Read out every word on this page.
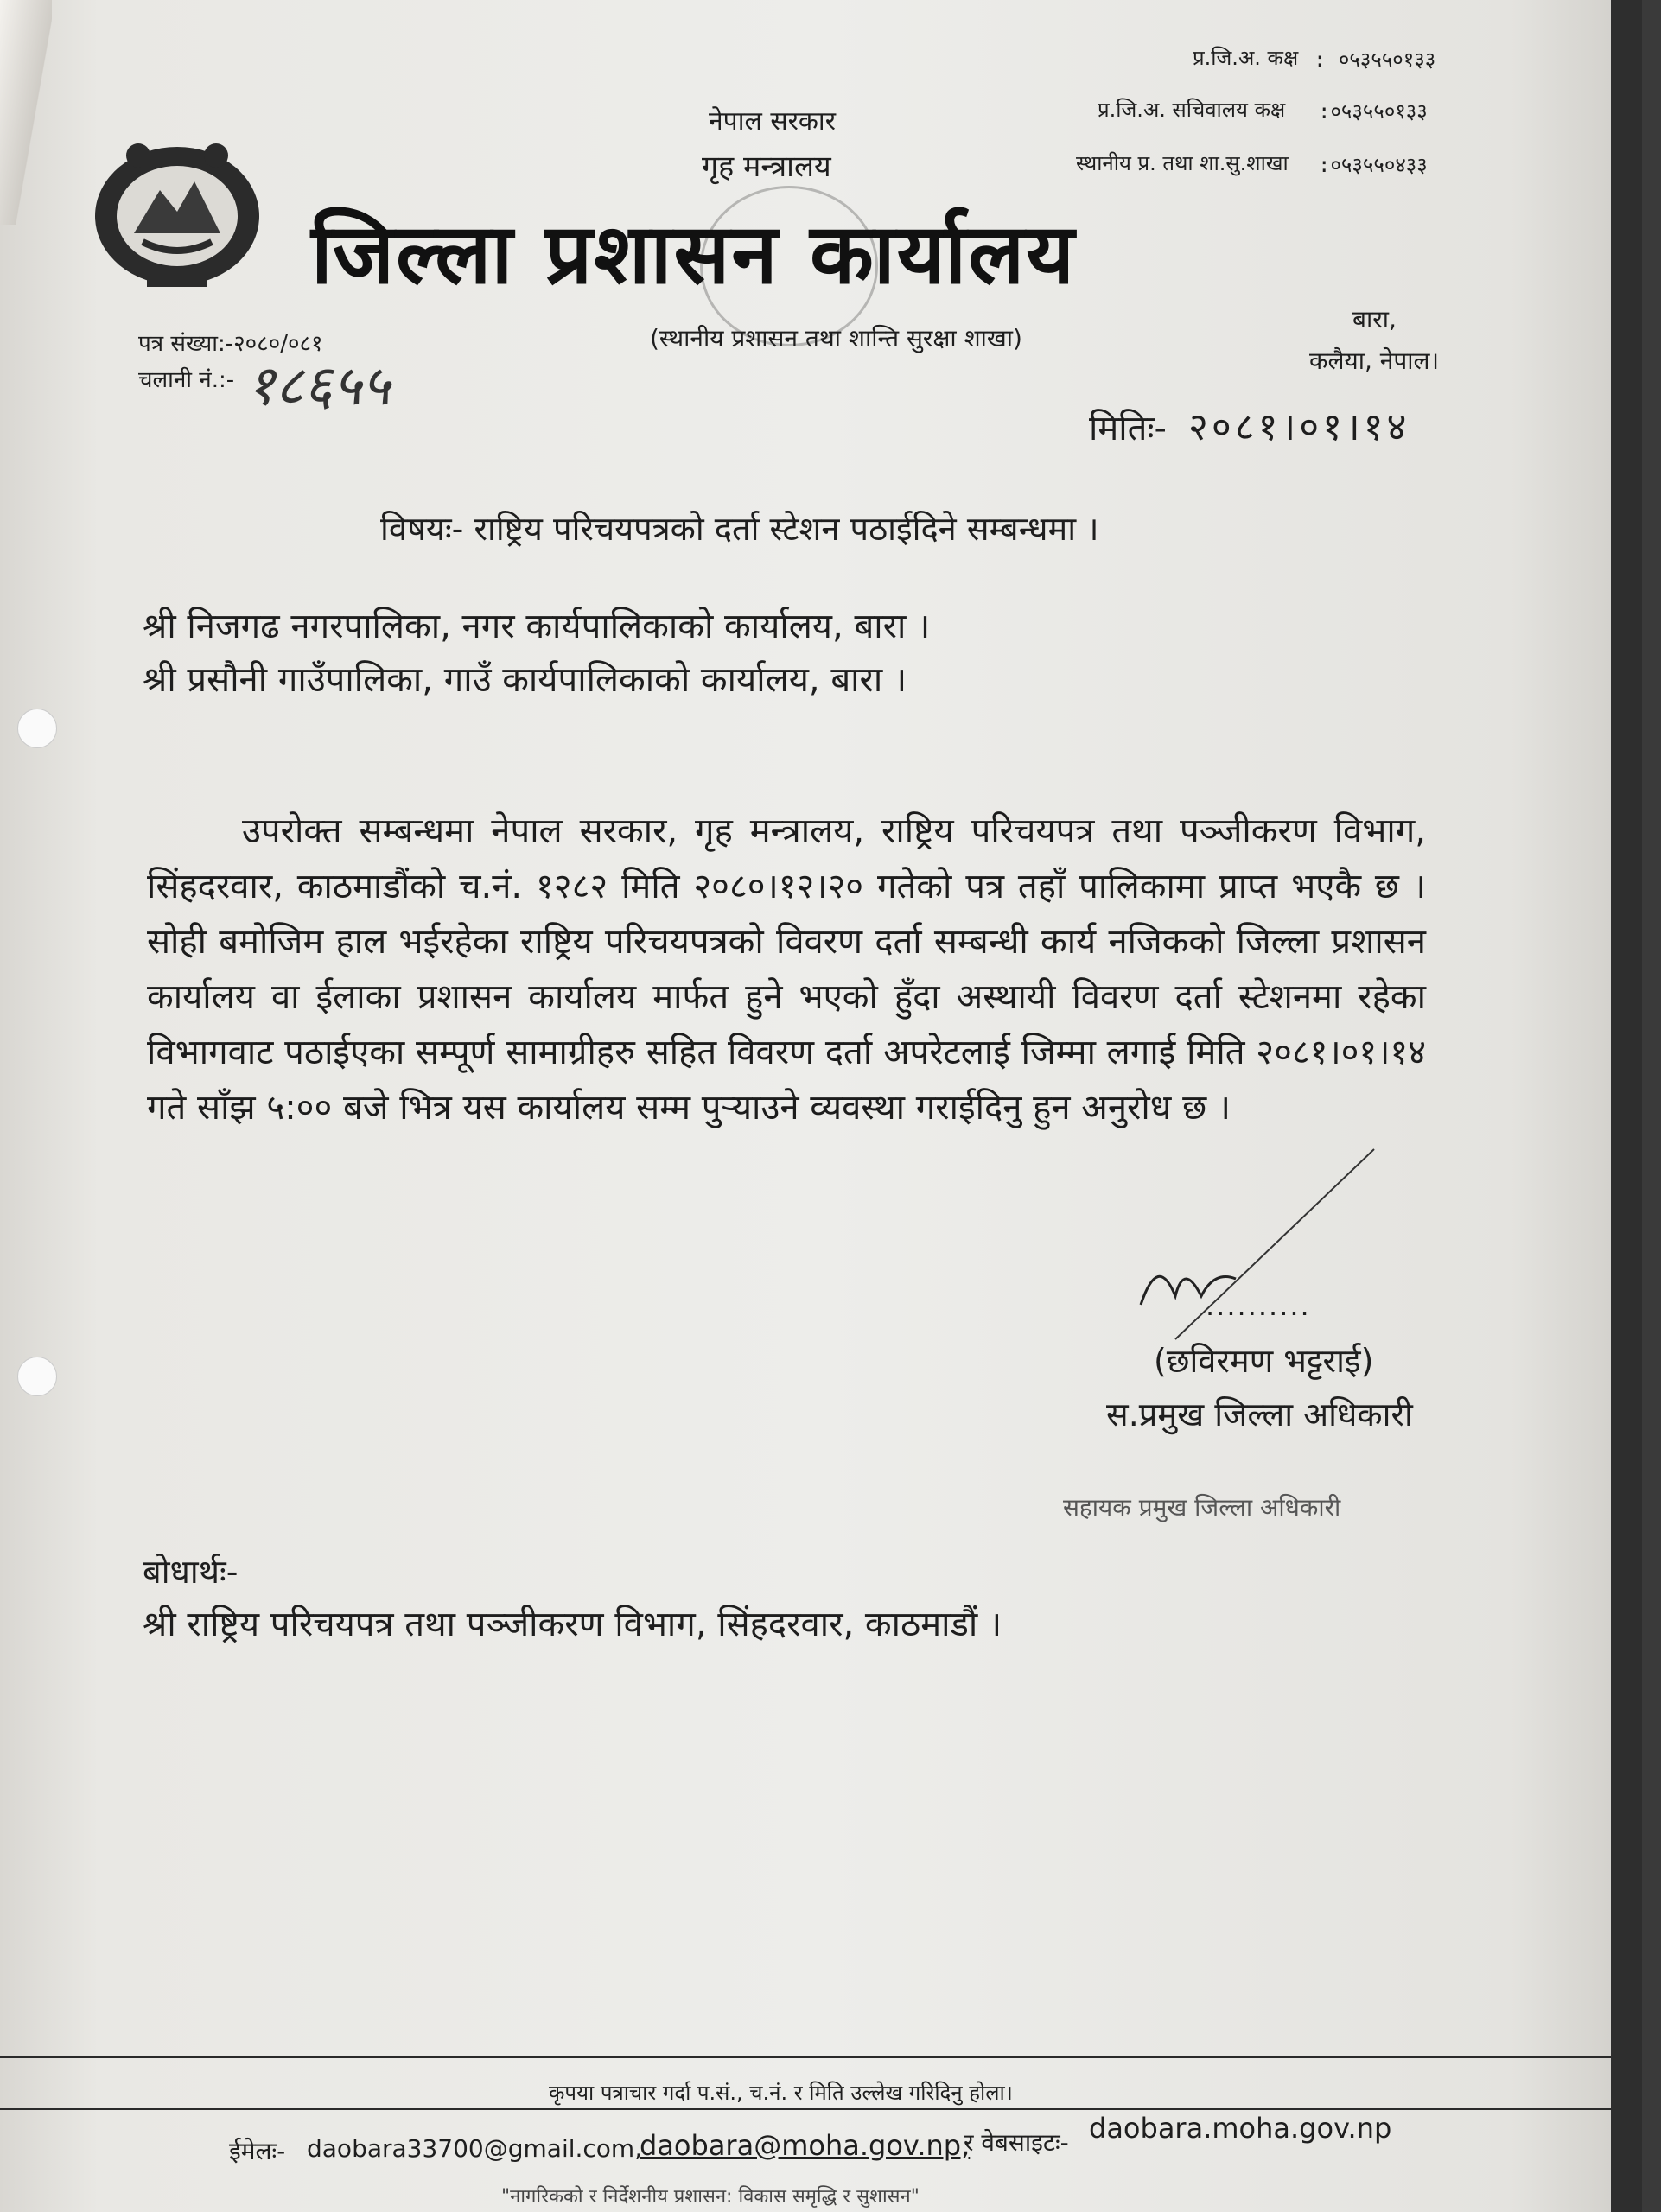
नेपाल सरकार
गृह मन्त्रालय
जिल्ला प्रशासन कार्यालय
(स्थानीय प्रशासन तथा शान्ति सुरक्षा शाखा)
प्र.जि.अ. कक्ष : ०५३५५०१३३
प्र.जि.अ. सचिवालय कक्ष :०५३५५०१३३
स्थानीय प्र. तथा शा.सु.शाखा :०५३५५०४३३
बारा,
कलैया, नेपाल।
पत्र संख्या:-२०८०/०८१
चलानी नं.:- १८६५५
मितिः- २०८१।०१।१४
विषयः- राष्ट्रिय परिचयपत्रको दर्ता स्टेशन पठाईदिने सम्बन्धमा ।
श्री निजगढ नगरपालिका, नगर कार्यपालिकाको कार्यालय, बारा ।
श्री प्रसौनी गाउँपालिका, गाउँ कार्यपालिकाको कार्यालय, बारा ।

उपरोक्त सम्बन्धमा नेपाल सरकार, गृह मन्त्रालय, राष्ट्रिय परिचयपत्र तथा पञ्जीकरण विभाग, सिंहदरवार, काठमाडौंको च.नं. १२८२ मिति २०८०।१२।२० गतेको पत्र तहाँ पालिकामा प्राप्त भएकै छ । सोही बमोजिम हाल भईरहेका राष्ट्रिय परिचयपत्रको विवरण दर्ता सम्बन्धी कार्य नजिकको जिल्ला प्रशासन कार्यालय वा ईलाका प्रशासन कार्यालय मार्फत हुने भएको हुँदा अस्थायी विवरण दर्ता स्टेशनमा रहेका विभागवाट पठाईएका सम्पूर्ण सामाग्रीहरु सहित विवरण दर्ता अपरेटलाई जिम्मा लगाई मिति २०८१।०१।१४ गते साँझ ५:०० बजे भित्र यस कार्यालय सम्म पुर्‍याउने व्यवस्था गराईदिनु हुन अनुरोध छ ।

..........
(छविरमण भट्टराई)
स.प्रमुख जिल्ला अधिकारी
सहायक प्रमुख जिल्ला अधिकारी
बोधार्थः-
श्री राष्ट्रिय परिचयपत्र तथा पञ्जीकरण विभाग, सिंहदरवार, काठमाडौं ।
कृपया पत्राचार गर्दा प.सं., च.नं. र मिति उल्लेख गरिदिनु होला।
ईमेलः- daobara33700@gmail.com,
daobara@moha.gov.np,
र वेबसाइटः- daobara.moha.gov.np
"नागरिकको र निर्देशनीय प्रशासन: विकास समृद्धि र सुशासन"
